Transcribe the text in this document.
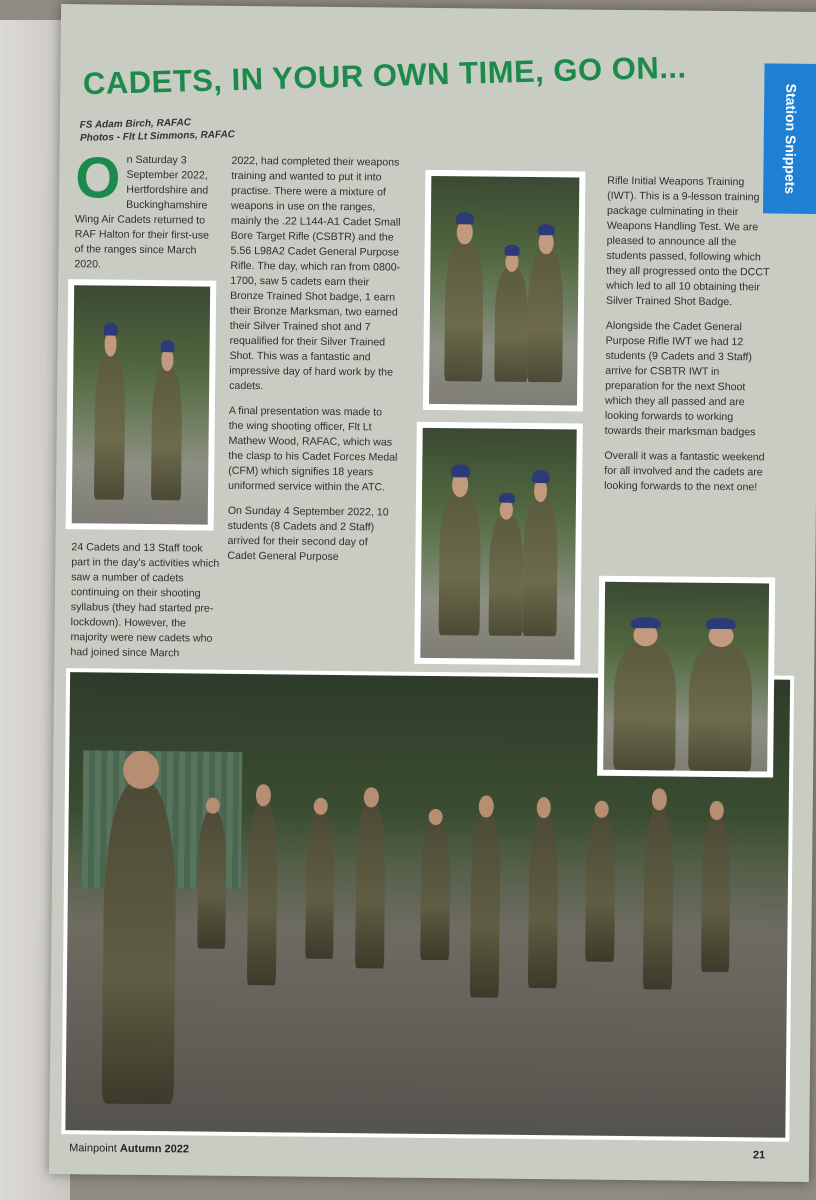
Station Snippets
CADETS, IN YOUR OWN TIME, GO ON...
FS Adam Birch, RAFAC
Photos - Flt Lt Simmons, RAFAC

O n Saturday 3 September 2022, Hertfordshire and Buckinghamshire Wing Air Cadets returned to RAF Halton for their first-use of the ranges since March 2020.

24 Cadets and 13 Staff took part in the day's activities which saw a number of cadets continuing on their shooting syllabus (they had started pre-lockdown). However, the majority were new cadets who had joined since March

2022, had completed their weapons training and wanted to put it into practise. There were a mixture of weapons in use on the ranges, mainly the .22 L144-A1 Cadet Small Bore Target Rifle (CSBTR) and the 5.56 L98A2 Cadet General Purpose Rifle. The day, which ran from 0800-1700, saw 5 cadets earn their Bronze Trained Shot badge, 1 earn their Bronze Marksman, two earned their Silver Trained shot and 7 requalified for their Silver Trained Shot. This was a fantastic and impressive day of hard work by the cadets.

A final presentation was made to the wing shooting officer, Flt Lt Mathew Wood, RAFAC, which was the clasp to his Cadet Forces Medal (CFM) which signifies 18 years uniformed service within the ATC.

On Sunday 4 September 2022, 10 students (8 Cadets and 2 Staff) arrived for their second day of Cadet General Purpose

Rifle Initial Weapons Training (IWT). This is a 9-lesson training package culminating in their Weapons Handling Test. We are pleased to announce all the students passed, following which they all progressed onto the DCCT which led to all 10 obtaining their Silver Trained Shot Badge.

Alongside the Cadet General Purpose Rifle IWT we had 12 students (9 Cadets and 3 Staff) arrive for CSBTR IWT in preparation for the next Shoot which they all passed and are looking forwards to working towards their marksman badges

Overall it was a fantastic weekend for all involved and the cadets are looking forwards to the next one!

Mainpoint Autumn 2022	21
